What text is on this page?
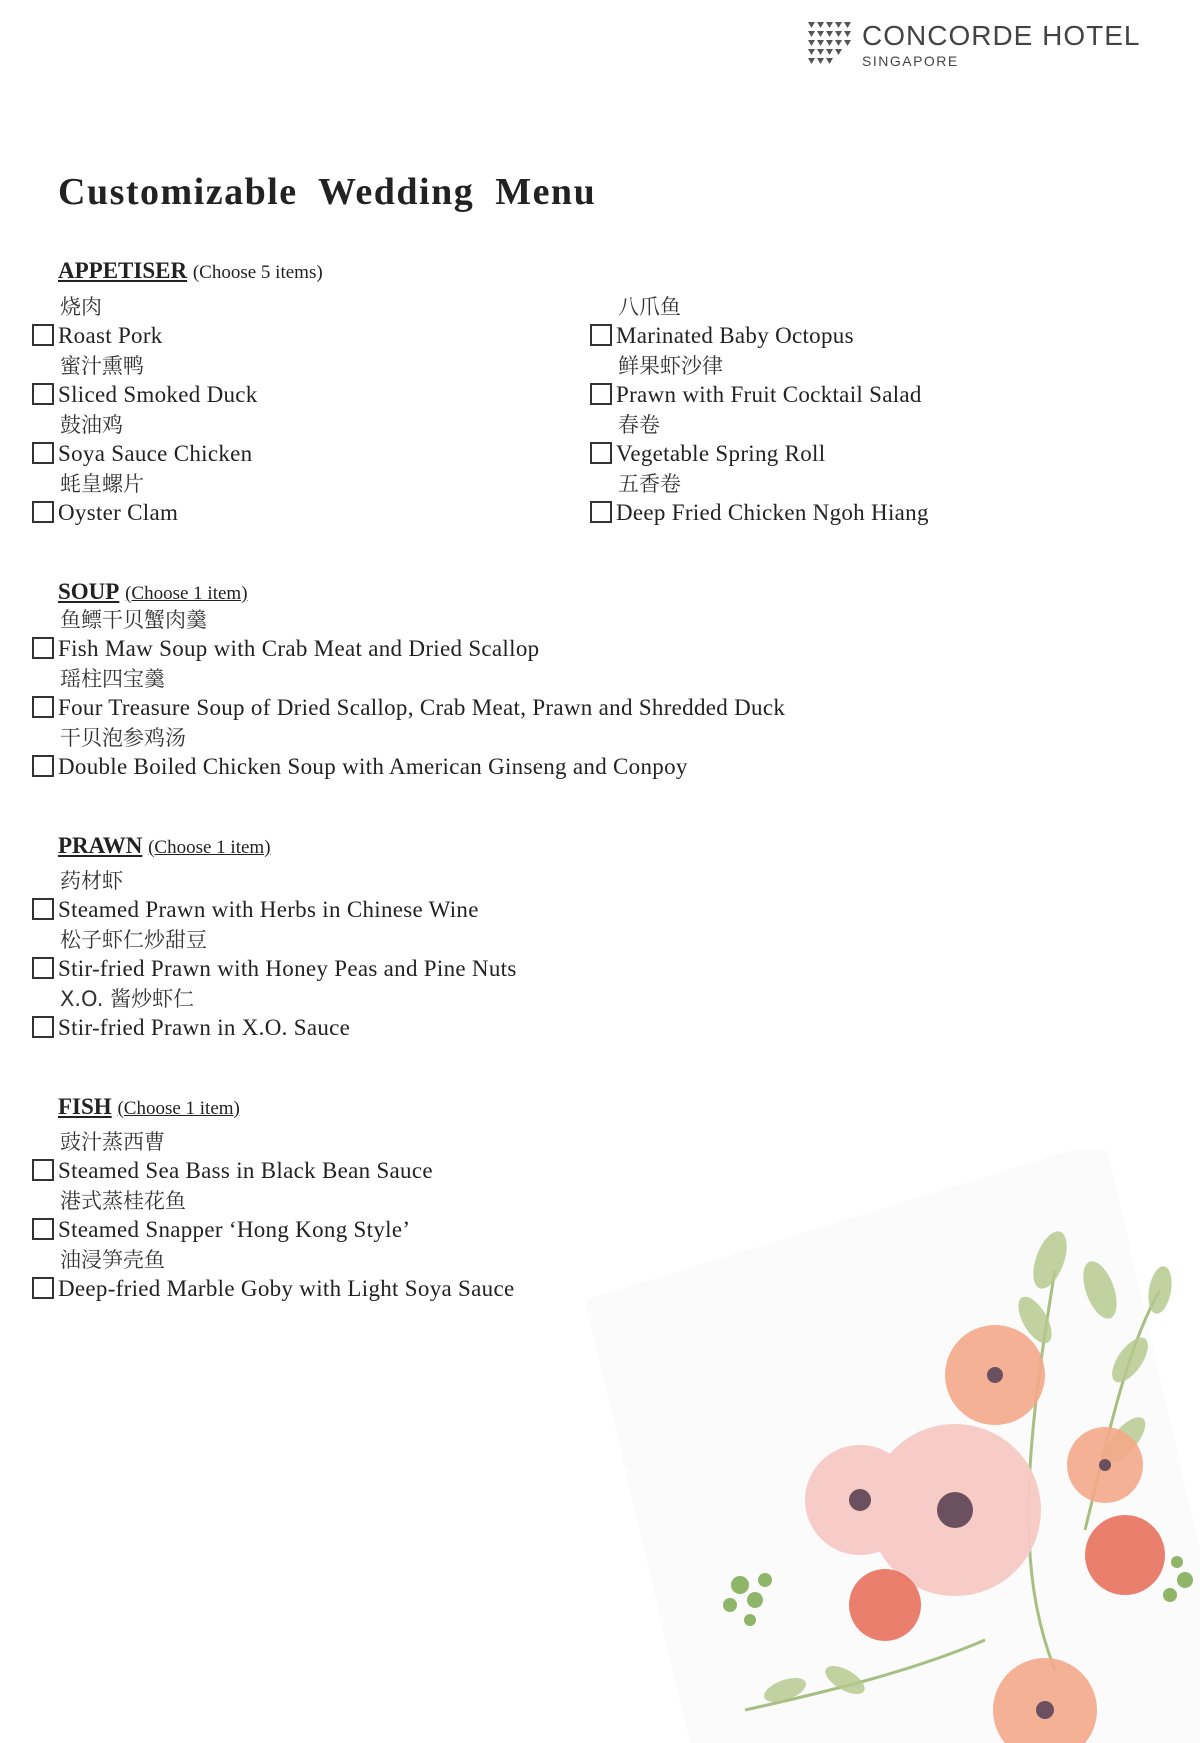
CONCORDE HOTEL
SINGAPORE
Customizable Wedding Menu
APPETISER (Choose 5 items)
烧肉
Roast Pork
蜜汁熏鸭
Sliced Smoked Duck
鼓油鸡
Soya Sauce Chicken
蚝皇螺片
Oyster Clam
八爪鱼
Marinated Baby Octopus
鲜果虾沙律
Prawn with Fruit Cocktail Salad
春卷
Vegetable Spring Roll
五香卷
Deep Fried Chicken Ngoh Hiang
SOUP (Choose 1 item)
鱼鳔干贝蟹肉羹
Fish Maw Soup with Crab Meat and Dried Scallop
瑶柱四宝羹
Four Treasure Soup of Dried Scallop, Crab Meat, Prawn and Shredded Duck
干贝泡参鸡汤
Double Boiled Chicken Soup with American Ginseng and Conpoy
PRAWN (Choose 1 item)
药材虾
Steamed Prawn with Herbs in Chinese Wine
松子虾仁炒甜豆
Stir-fried Prawn with Honey Peas and Pine Nuts
X.O. 酱炒虾仁
Stir-fried Prawn in X.O. Sauce
FISH (Choose 1 item)
豉汁蒸西曹
Steamed Sea Bass in Black Bean Sauce
港式蒸桂花鱼
Steamed Snapper ‘Hong Kong Style’
油浸笋壳鱼
Deep-fried Marble Goby with Light Soya Sauce
